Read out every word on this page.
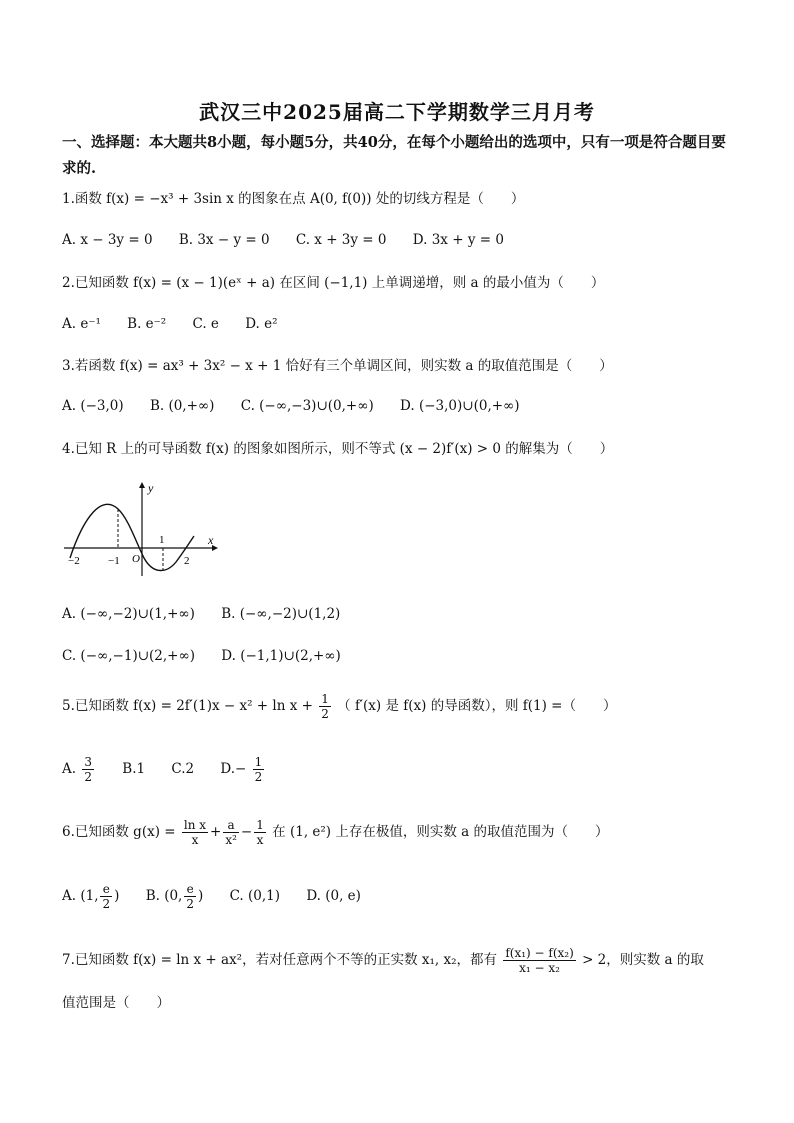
武汉三中2025届高二下学期数学三月月考
一、选择题：本大题共8小题，每小题5分，共40分，在每个小题给出的选项中，只有一项是符合题目要求的.
1.函数 f(x) = −x³ + 3sin x 的图象在点 A(0, f(0)) 处的切线方程是（　　）
A. x − 3y = 0 B. 3x − y = 0 C. x + 3y = 0 D. 3x + y = 0
2.已知函数 f(x) = (x − 1)(eˣ + a) 在区间 (−1,1) 上单调递增，则 a 的最小值为（　　）
A. e⁻¹ B. e⁻² C. e D. e²
3.若函数 f(x) = ax³ + 3x² − x + 1 恰好有三个单调区间，则实数 a 的取值范围是（　　）
A. (−3,0) B. (0,+∞) C. (−∞,−3)∪(0,+∞) D. (−3,0)∪(0,+∞)
4.已知 R 上的可导函数 f(x) 的图象如图所示，则不等式 (x − 2)f′(x) > 0 的解集为（　　）
y
x
−2	−1 O
1
2
A. (−∞,−2)∪(1,+∞) B. (−∞,−2)∪(1,2)
C. (−∞,−1)∪(2,+∞) D. (−1,1)∪(2,+∞)
5.已知函数 $f(x) = 2f'(1)x - x^2 + \ln x + \frac{1}{2}$ （ f′(x) 是 f(x) 的导函数），则 f(1) =（　　）
A. $\frac{3}{2} B.1$ C.2 $D.- \frac{1}{2}$
6.已知函数 $g(x) = \frac{\text{ln x}}{x} + \frac{a}{\text{x²}} - \frac{1}{x}$ 在 (1, e²) 上存在极值，则实数 a 的取值范围为（　　）
A. (1, $\frac{e}{2}$ ) B. (0, $\frac{e}{2}$ ) C. (0,1) D. (0, e)
7.已知函数 f(x) = ln x + ax²，若对任意两个不等的正实数 x₁, x₂，都有 $\frac{\text{f(x₁) − f(x₂)}}{\text{x₁ − x₂}} > 2$，则实数 a 的取
值范围是（　　）
